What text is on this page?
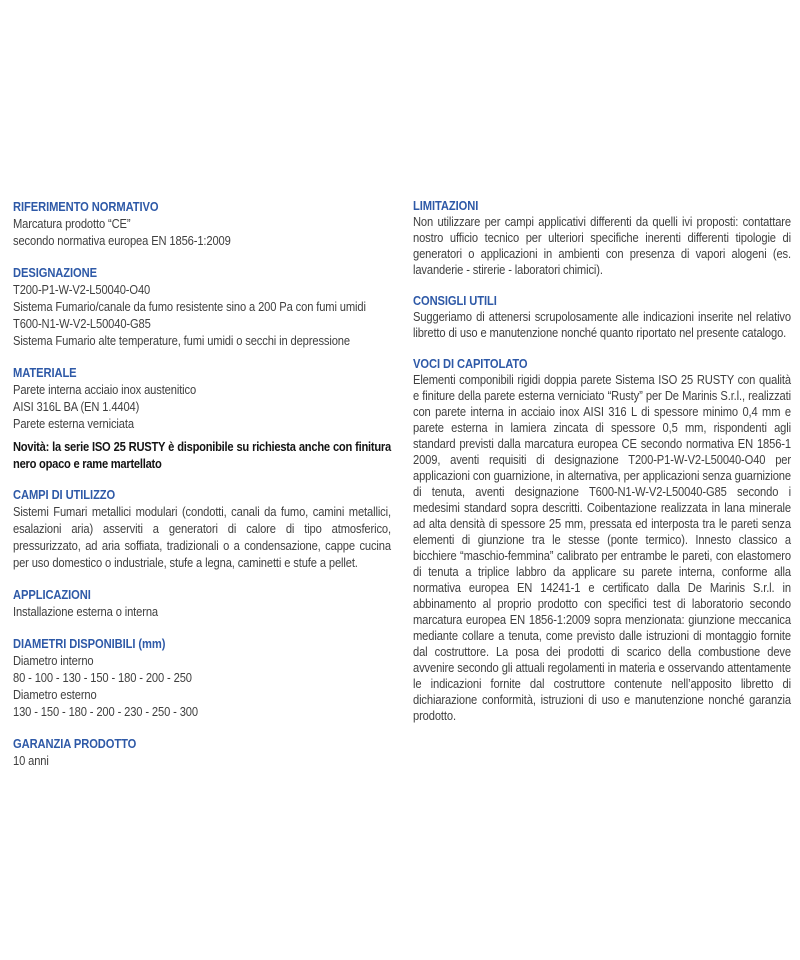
RIFERIMENTO NORMATIVO

Marcatura prodotto “CE”

secondo normativa europea EN 1856-1:2009

DESIGNAZIONE

T200-P1-W-V2-L50040-O40

Sistema Fumario/canale da fumo resistente sino a 200 Pa con fumi umidi

T600-N1-W-V2-L50040-G85

Sistema Fumario alte temperature, fumi umidi o secchi in depressione

MATERIALE

Parete interna acciaio inox austenitico

AISI 316L BA (EN 1.4404)

Parete esterna verniciata

Novità: la serie ISO 25 RUSTY è disponibile su richiesta anche con finitura nero opaco e rame martellato

CAMPI DI UTILIZZO

Sistemi Fumari metallici modulari (condotti, canali da fumo, camini metallici, esalazioni aria) asserviti a generatori di calore di tipo atmosferico, pressurizzato, ad aria soffiata, tradizionali o a condensazione, cappe cucina per uso domestico o industriale, stufe a legna, caminetti e stufe a pellet.

APPLICAZIONI

Installazione esterna o interna

DIAMETRI DISPONIBILI (mm)

Diametro interno

80 - 100 - 130 - 150 - 180 - 200 - 250

Diametro esterno

130 - 150 - 180 - 200 - 230 - 250 - 300

GARANZIA PRODOTTO

10 anni

LIMITAZIONI

Non utilizzare per campi applicativi differenti da quelli ivi proposti: contattare nostro ufficio tecnico per ulteriori specifiche inerenti differenti tipologie di generatori o applicazioni in ambienti con presenza di vapori alogeni (es. lavanderie - stirerie - laboratori chimici).

CONSIGLI UTILI

Suggeriamo di attenersi scrupolosamente alle indicazioni inserite nel relativo libretto di uso e manutenzione nonché quanto riportato nel presente catalogo.

VOCI DI CAPITOLATO

Elementi componibili rigidi doppia parete Sistema ISO 25 RUSTY con qualità e finiture della parete esterna verniciato “Rusty” per De Marinis S.r.l., realizzati con parete interna in acciaio inox AISI 316 L di spessore minimo 0,4 mm e parete esterna in lamiera zincata di spessore 0,5 mm, rispondenti agli standard previsti dalla marcatura europea CE secondo normativa EN 1856-1 2009, aventi requisiti di designazione T200-P1-W-V2-L50040-O40 per applicazioni con guarnizione, in alternativa, per applicazioni senza guarnizione di tenuta, aventi designazione T600-N1-W-V2-L50040-G85 secondo i medesimi standard sopra descritti. Coibentazione realizzata in lana minerale ad alta densità di spessore 25 mm, pressata ed interposta tra le pareti senza elementi di giunzione tra le stesse (ponte termico). Innesto classico a bicchiere “maschio-femmina” calibrato per entrambe le pareti, con elastomero di tenuta a triplice labbro da applicare su parete interna, conforme alla normativa europea EN 14241-1 e certificato dalla De Marinis S.r.l. in abbinamento al proprio prodotto con specifici test di laboratorio secondo marcatura europea EN 1856-1:2009 sopra menzionata: giunzione meccanica mediante collare a tenuta, come previsto dalle istruzioni di montaggio fornite dal costruttore. La posa dei prodotti di scarico della combustione deve avvenire secondo gli attuali regolamenti in materia e osservando attentamente le indicazioni fornite dal costruttore contenute nell’apposito libretto di dichiarazione conformità, istruzioni di uso e manutenzione nonché garanzia prodotto.
